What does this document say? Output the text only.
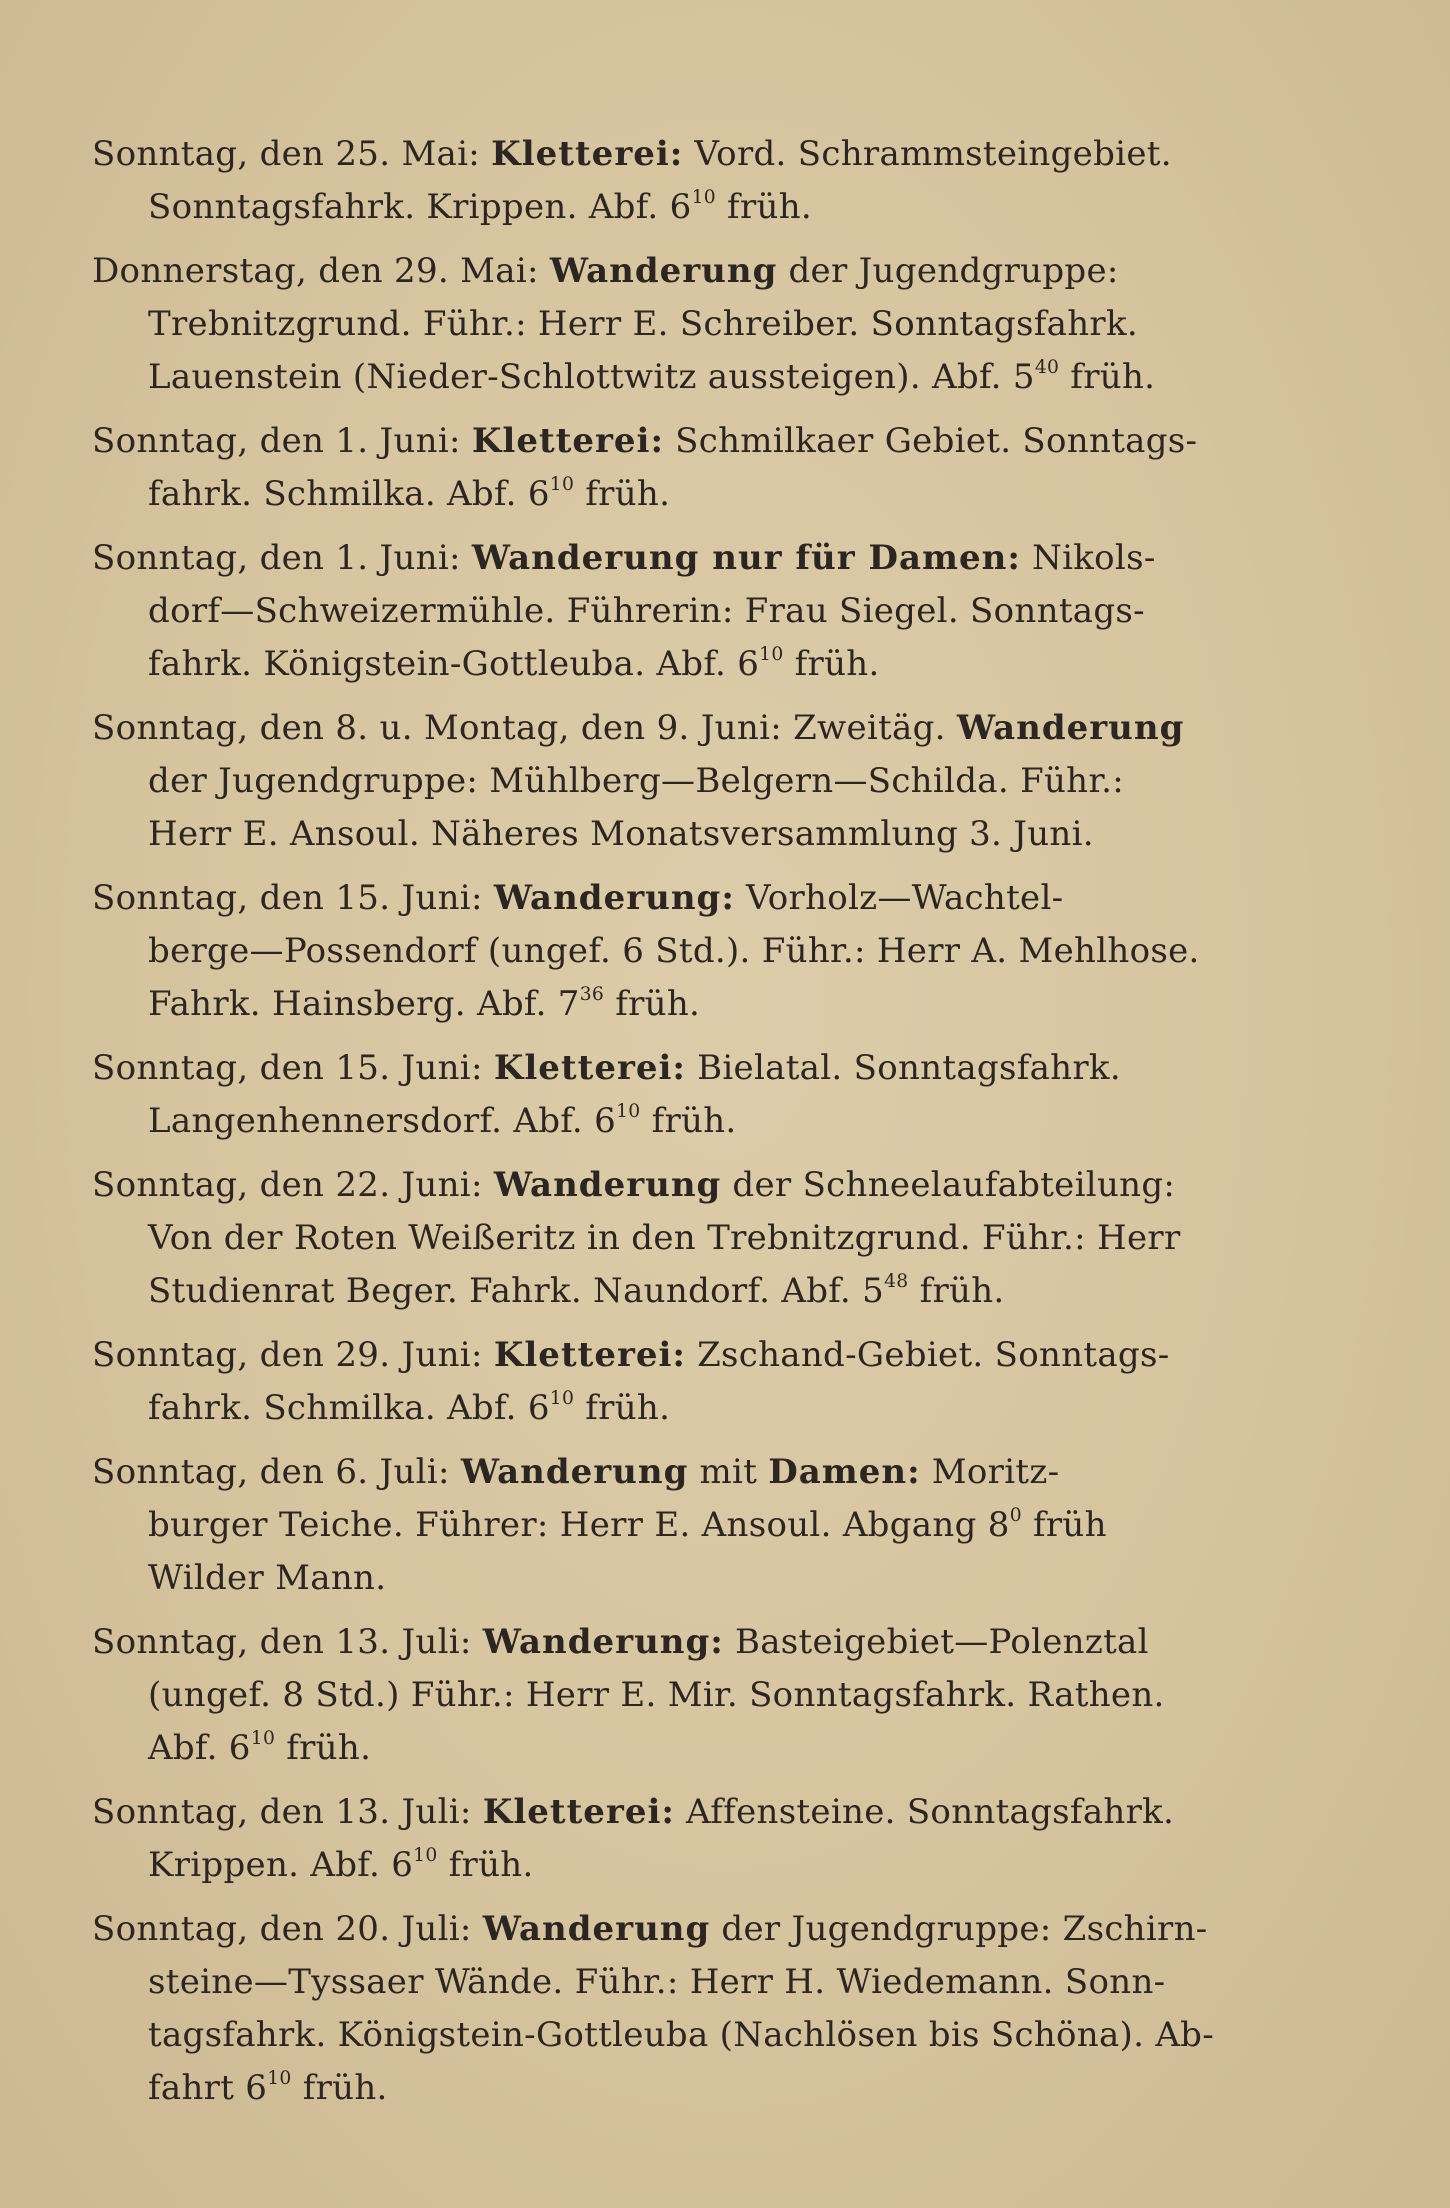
Sonntag, den 25. Mai: Kletterei: Vord. Schrammsteingebiet.
Sonntagsfahrk. Krippen. Abf. $6^{10}$ früh.

Donnerstag, den 29. Mai: Wanderung der Jugendgruppe:
Trebnitzgrund. Führ.: Herr E. Schreiber. Sonntagsfahrk.
Lauenstein (Nieder-Schlottwitz aussteigen). Abf. $5^{40}$ früh.

Sonntag, den 1. Juni: Kletterei: Schmilkaer Gebiet. Sonntags-
fahrk. Schmilka. Abf. $6^{10}$ früh.

Sonntag, den 1. Juni: Wanderung nur für Damen: Nikols-
dorf—Schweizermühle. Führerin: Frau Siegel. Sonntags-
fahrk. Königstein-Gottleuba. Abf. $6^{10}$ früh.

Sonntag, den 8. u. Montag, den 9. Juni: Zweitäg. Wanderung
der Jugendgruppe: Mühlberg—Belgern—Schilda. Führ.:
Herr E. Ansoul. Näheres Monatsversammlung 3. Juni.

Sonntag, den 15. Juni: Wanderung: Vorholz—Wachtel-
berge—Possendorf (ungef. 6 Std.). Führ.: Herr A. Mehlhose.
Fahrk. Hainsberg. Abf. $7^{36}$ früh.

Sonntag, den 15. Juni: Kletterei: Bielatal. Sonntagsfahrk.
Langenhennersdorf. Abf. $6^{10}$ früh.

Sonntag, den 22. Juni: Wanderung der Schneelaufabteilung:
Von der Roten Weißeritz in den Trebnitzgrund. Führ.: Herr
Studienrat Beger. Fahrk. Naundorf. Abf. $5^{48}$ früh.

Sonntag, den 29. Juni: Kletterei: Zschand-Gebiet. Sonntags-
fahrk. Schmilka. Abf. $6^{10}$ früh.

Sonntag, den 6. Juli: Wanderung mit Damen: Moritz-
burger Teiche. Führer: Herr E. Ansoul. Abgang $8^0$ früh
Wilder Mann.

Sonntag, den 13. Juli: Wanderung: Basteigebiet—Polenztal
(ungef. 8 Std.) Führ.: Herr E. Mir. Sonntagsfahrk. Rathen.
Abf. $6^{10}$ früh.

Sonntag, den 13. Juli: Kletterei: Affensteine. Sonntagsfahrk.
Krippen. Abf. $6^{10}$ früh.

Sonntag, den 20. Juli: Wanderung der Jugendgruppe: Zschirn-
steine—Tyssaer Wände. Führ.: Herr H. Wiedemann. Sonn-
tagsfahrk. Königstein-Gottleuba (Nachlösen bis Schöna). Ab-
fahrt $6^{10}$ früh.
